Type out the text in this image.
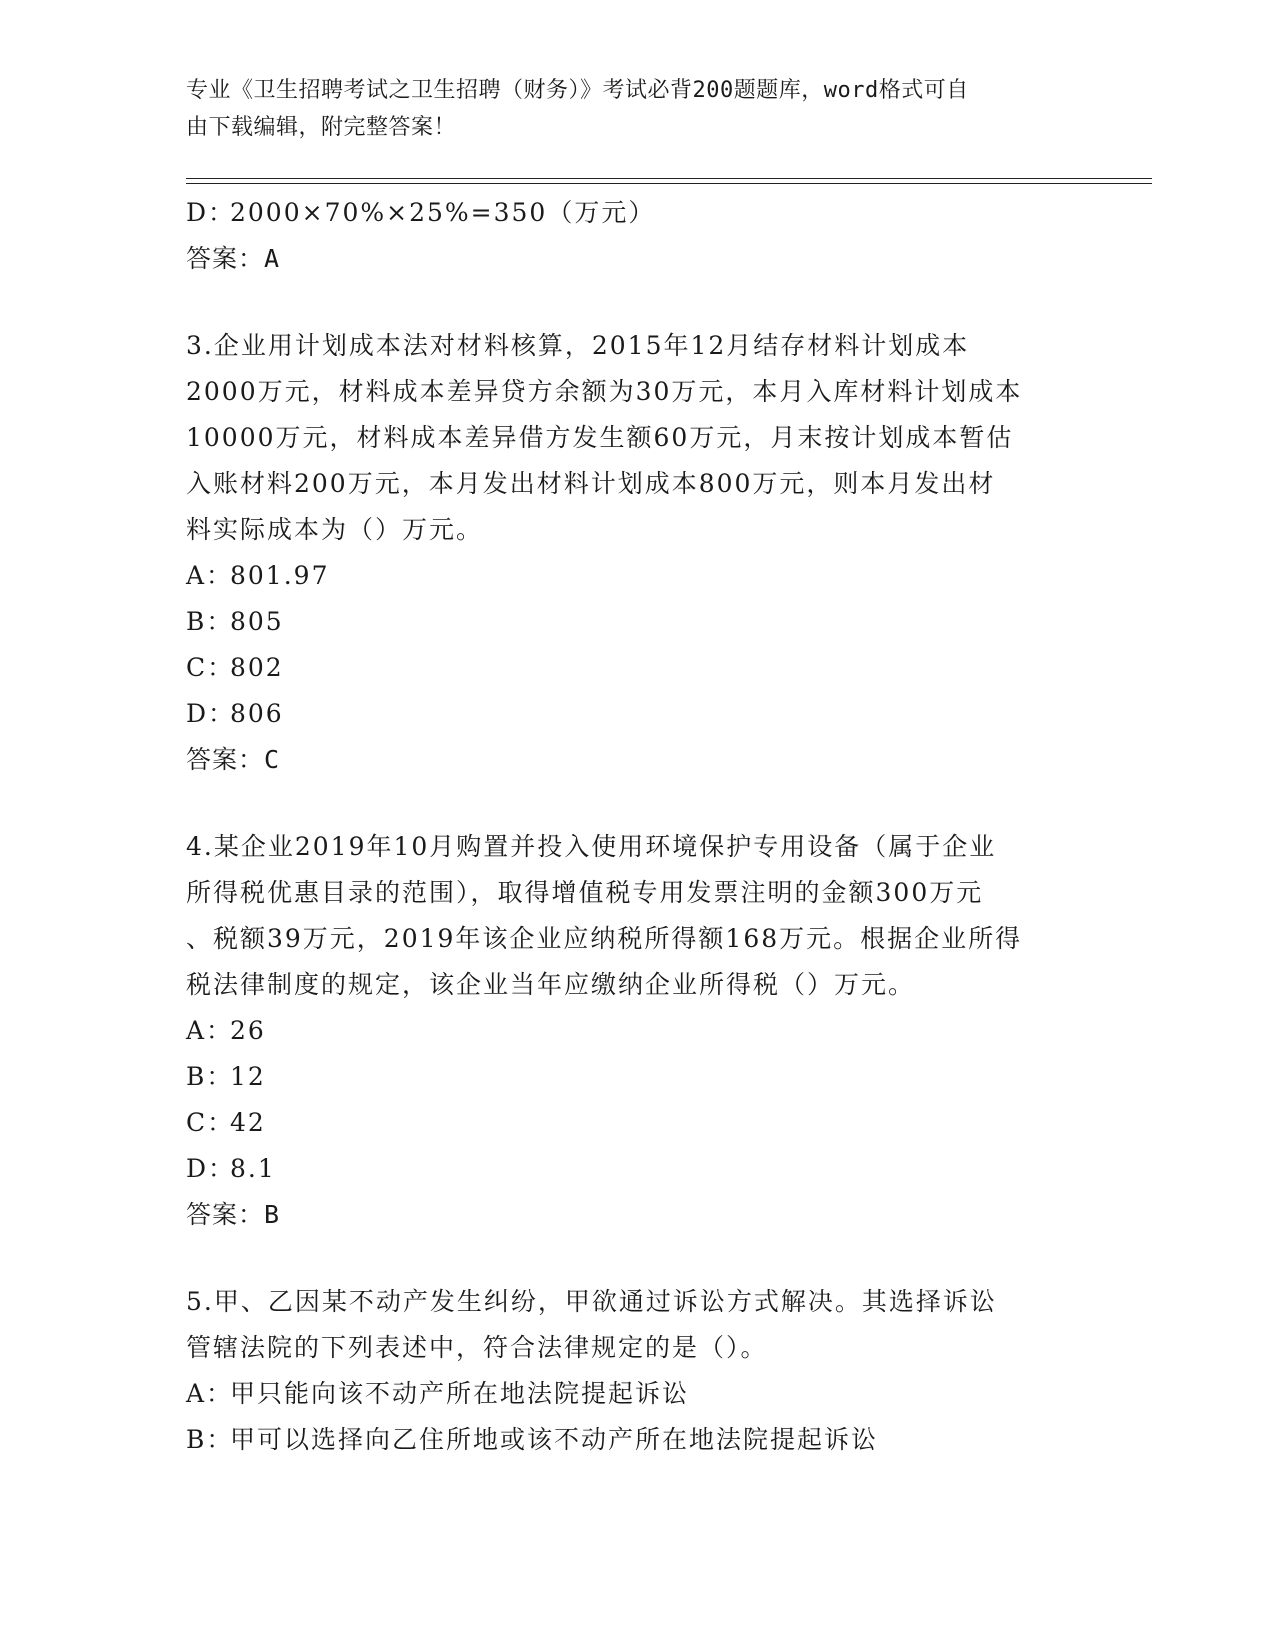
专业《卫生招聘考试之卫生招聘（财务）》考试必背200题题库，word格式可自
由下载编辑，附完整答案！
D：2000×70%×25%=350（万元）
答案：A
3.企业用计划成本法对材料核算，2015年12月结存材料计划成本
2000万元，材料成本差异贷方余额为30万元，本月入库材料计划成本
10000万元，材料成本差异借方发生额60万元，月末按计划成本暂估
入账材料200万元，本月发出材料计划成本800万元，则本月发出材
料实际成本为（）万元。
A：801.97
B：805
C：802
D：806
答案：C
4.某企业2019年10月购置并投入使用环境保护专用设备（属于企业
所得税优惠目录的范围），取得增值税专用发票注明的金额300万元
、税额39万元，2019年该企业应纳税所得额168万元。根据企业所得
税法律制度的规定，该企业当年应缴纳企业所得税（）万元。
A：26
B：12
C：42
D：8.1
答案：B
5.甲、乙因某不动产发生纠纷，甲欲通过诉讼方式解决。其选择诉讼
管辖法院的下列表述中，符合法律规定的是（）。
A：甲只能向该不动产所在地法院提起诉讼
B：甲可以选择向乙住所地或该不动产所在地法院提起诉讼
